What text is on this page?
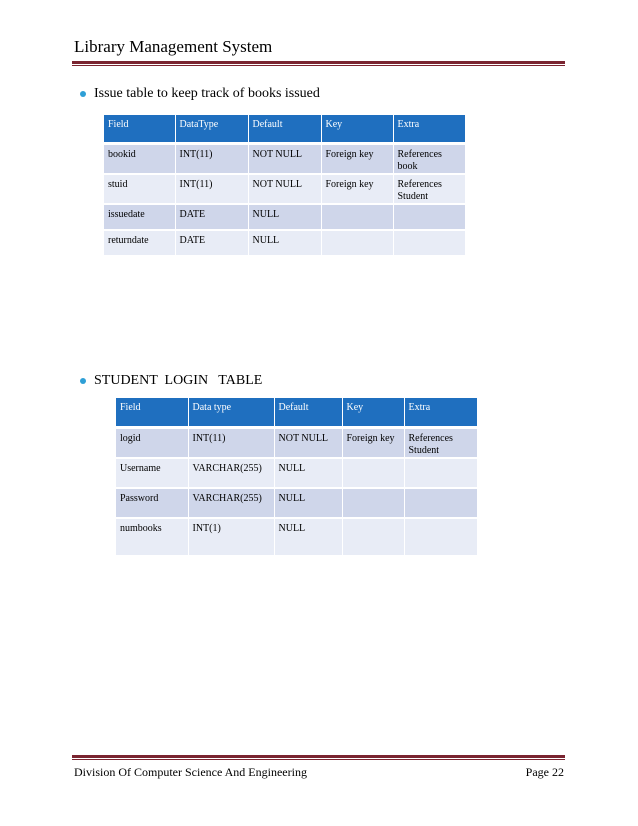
Library Management System
Issue table to keep track of books issued
Field	DataType	Default	Key	Extra
bookid	INT(11)	NOT NULL	Foreign key	References book
stuid	INT(11)	NOT NULL	Foreign key	References Student
issuedate	DATE	NULL		
returndate	DATE	NULL		
STUDENT  LOGIN   TABLE
Field	Data type	Default	Key	Extra
logid	INT(11)	NOT NULL	Foreign key	References Student
Username	VARCHAR(255)	NULL		
Password	VARCHAR(255)	NULL		
numbooks	INT(1)	NULL		
Division Of Computer Science And Engineering	Page 22
